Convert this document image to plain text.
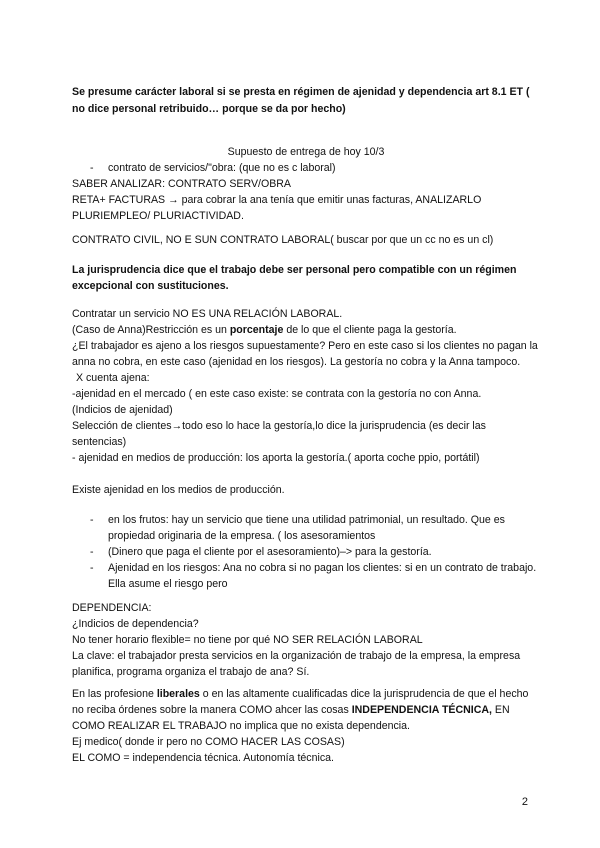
Se presume carácter laboral si se presta en régimen de ajenidad y dependencia art 8.1 ET ( no dice personal retribuido… porque se da por hecho)

Supuesto de entrega de hoy 10/3

- contrato de servicios/"obra: (que no es c laboral)

SABER ANALIZAR: CONTRATO SERV/OBRA

RETA+ FACTURAS → para cobrar la ana tenía que emitir unas facturas, ANALIZARLO

PLURIEMPLEO/ PLURIACTIVIDAD.

CONTRATO CIVIL, NO E SUN CONTRATO LABORAL( buscar por que un cc no es un cl)

La jurisprudencia dice que el trabajo debe ser personal pero compatible con un régimen excepcional con sustituciones.

Contratar un servicio NO ES UNA RELACIÓN LABORAL.

(Caso de Anna)Restricción es un porcentaje de lo que el cliente paga la gestoría.

¿El trabajador es ajeno a los riesgos supuestamente? Pero en este caso si los clientes no pagan la anna no cobra, en este caso (ajenidad en los riesgos). La gestoría no cobra y la Anna tampoco.

X cuenta ajena:

-ajenidad en el mercado ( en este caso existe: se contrata con la gestoría no con Anna.

(Indicios de ajenidad)

Selección de clientes→todo eso lo hace la gestoría,lo dice la jurisprudencia (es decir las sentencias)

- ajenidad en medios de producción: los aporta la gestoría.( aporta coche ppio, portátil)

Existe ajenidad en los medios de producción.

- en los frutos: hay un servicio que tiene una utilidad patrimonial, un resultado. Que es propiedad originaria de la empresa. ( los asesoramientos

- (Dinero que paga el cliente por el asesoramiento)–> para la gestoría.

- Ajenidad en los riesgos: Ana no cobra si no pagan los clientes: si en un contrato de trabajo. Ella asume el riesgo pero

DEPENDENCIA:

¿Indicios de dependencia?

No tener horario flexible= no tiene por qué NO SER RELACIÓN LABORAL

La clave: el trabajador presta servicios en la organización de trabajo de la empresa, la empresa planifica, programa organiza el trabajo de ana? Sí.

En las profesione liberales o en las altamente cualificadas dice la jurisprudencia de que el hecho no reciba órdenes sobre la manera COMO ahcer las cosas INDEPENDENCIA TÉCNICA, EN COMO REALIZAR EL TRABAJO no implica que no exista dependencia.

Ej medico( donde ir pero no COMO HACER LAS COSAS)

EL COMO = independencia técnica. Autonomía técnica.

2
